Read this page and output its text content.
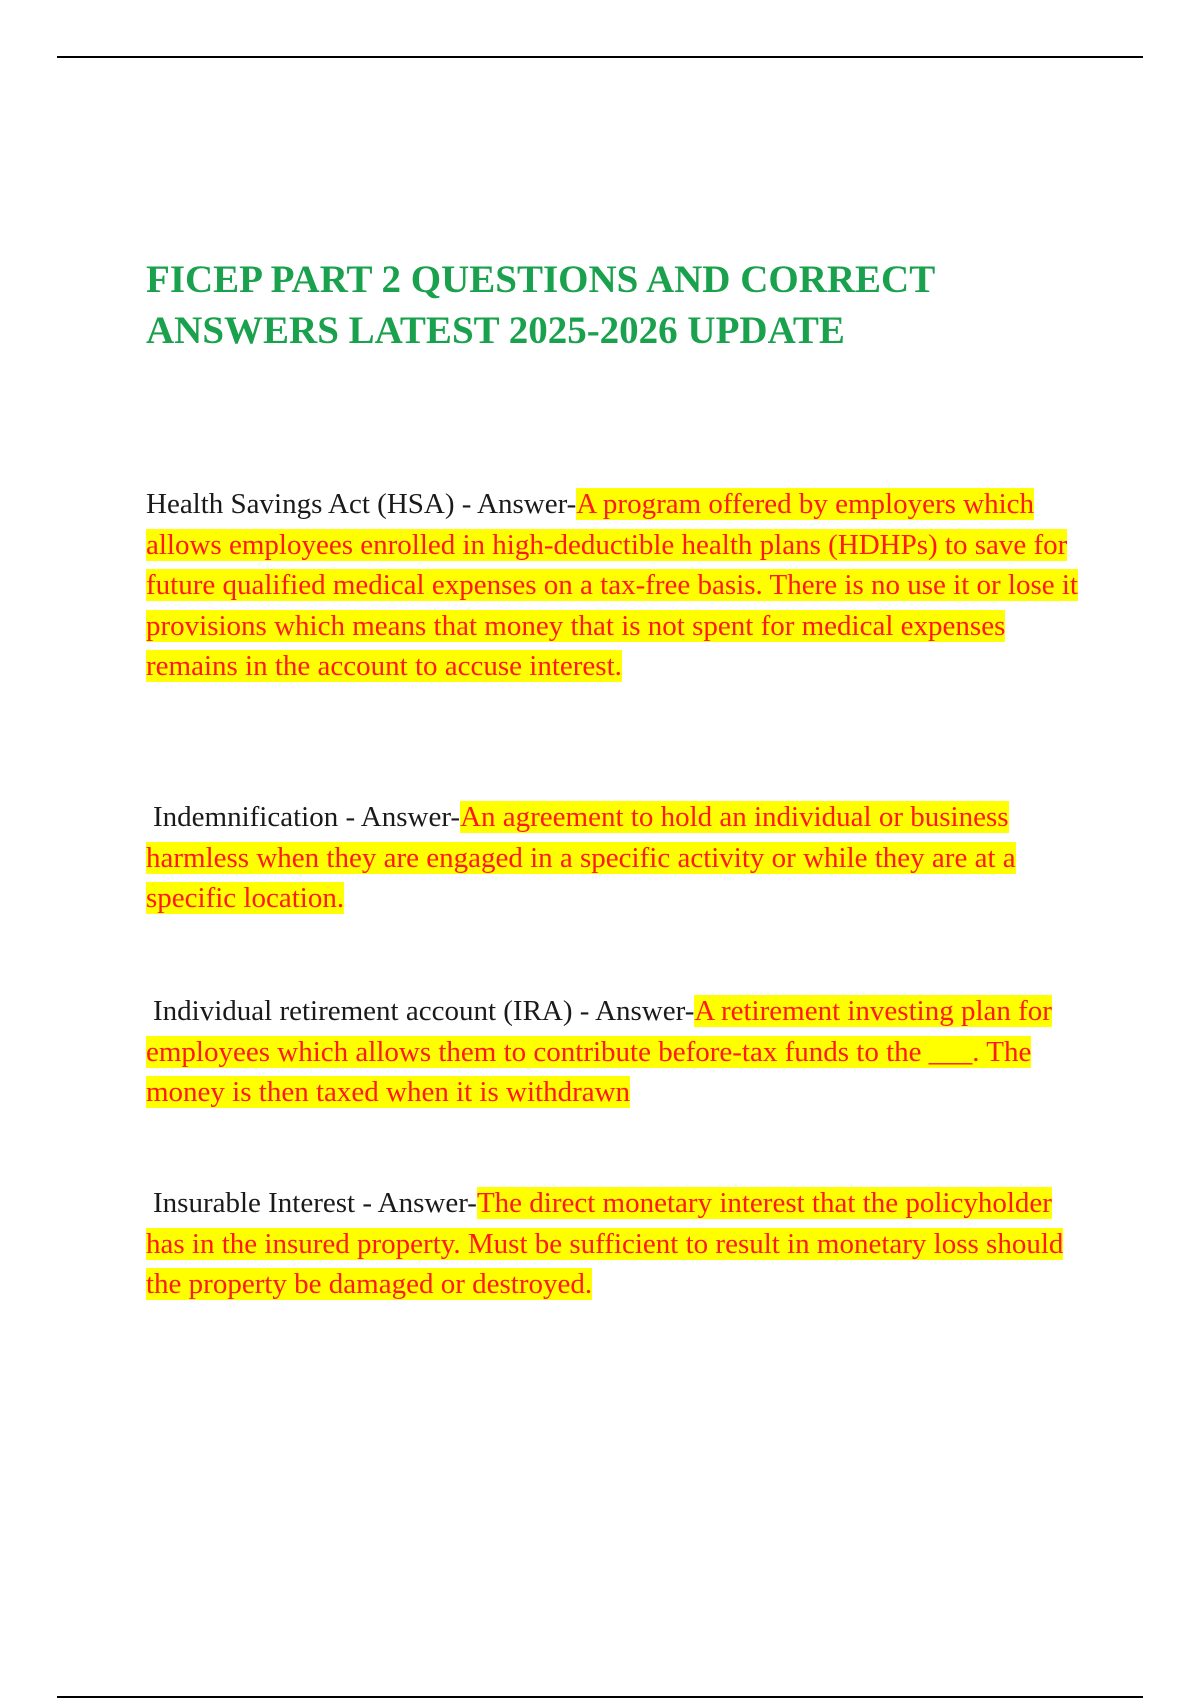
FICEP PART 2 QUESTIONS AND CORRECT ANSWERS LATEST 2025-2026 UPDATE

Health Savings Act (HSA) - Answer-A program offered by employers which allows employees enrolled in high-deductible health plans (HDHPs) to save for future qualified medical expenses on a tax-free basis. There is no use it or lose it provisions which means that money that is not spent for medical expenses remains in the account to accuse interest.

Indemnification - Answer-An agreement to hold an individual or business harmless when they are engaged in a specific activity or while they are at a specific location.

Individual retirement account (IRA) - Answer-A retirement investing plan for employees which allows them to contribute before-tax funds to the ___. The money is then taxed when it is withdrawn

Insurable Interest - Answer-The direct monetary interest that the policyholder has in the insured property. Must be sufficient to result in monetary loss should the property be damaged or destroyed.
